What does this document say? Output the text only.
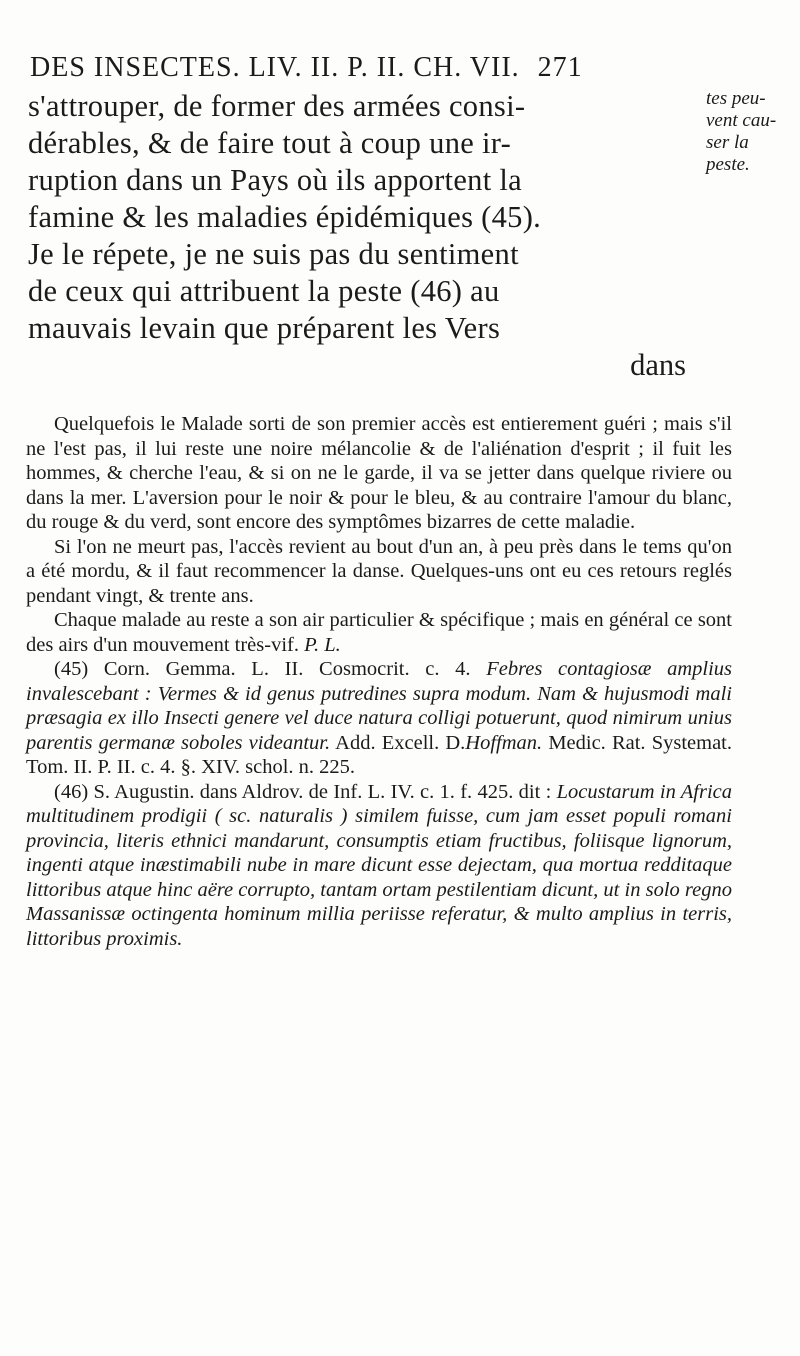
DES INSECTES. LIV. II. P. II. CH. VII. 271
s'attrouper, de former des armées consi-
dérables, & de faire tout à coup une ir-
ruption dans un Pays où ils apportent la
famine & les maladies épidémiques (45).
Je le répete, je ne suis pas du sentiment
de ceux qui attribuent la peste (46) au
mauvais levain que préparent les Vers
dans
tes peu-
vent cau-
ser la
peste.

Quelquefois le Malade sorti de son premier accès est entierement guéri ; mais s'il ne l'est pas, il lui reste une noire mélancolie & de l'aliénation d'esprit ; il fuit les hommes, & cherche l'eau, & si on ne le garde, il va se jetter dans quelque riviere ou dans la mer. L'aversion pour le noir & pour le bleu, & au contraire l'amour du blanc, du rouge & du verd, sont encore des symptômes bizarres de cette maladie.

Si l'on ne meurt pas, l'accès revient au bout d'un an, à peu près dans le tems qu'on a été mordu, & il faut recommencer la danse. Quelques-uns ont eu ces retours reglés pendant vingt, & trente ans.

Chaque malade au reste a son air particulier & spécifique ; mais en général ce sont des airs d'un mouvement très-vif. P. L.

(45) Corn. Gemma. L. II. Cosmocrit. c. 4. Febres contagiosæ amplius invalescebant : Vermes & id genus putredines supra modum. Nam & hujusmodi mali præsagia ex illo Insecti genere vel duce natura colligi potuerunt, quod nimirum unius parentis germanæ soboles videantur. Add. Excell. D.Hoffman. Medic. Rat. Systemat. Tom. II. P. II. c. 4. §. XIV. schol. n. 225.

(46) S. Augustin. dans Aldrov. de Inf. L. IV. c. 1. f. 425. dit : Locustarum in Africa multitudinem prodigii ( sc. naturalis ) similem fuisse, cum jam esset populi romani provincia, literis ethnici mandarunt, consumptis etiam fructibus, foliisque lignorum, ingenti atque inæstimabili nube in mare dicunt esse dejectam, qua mortua redditaque littoribus atque hinc aëre corrupto, tantam ortam pestilentiam dicunt, ut in solo regno Massanissæ octingenta hominum millia periisse referatur, & multo amplius in terris, littoribus proximis.
